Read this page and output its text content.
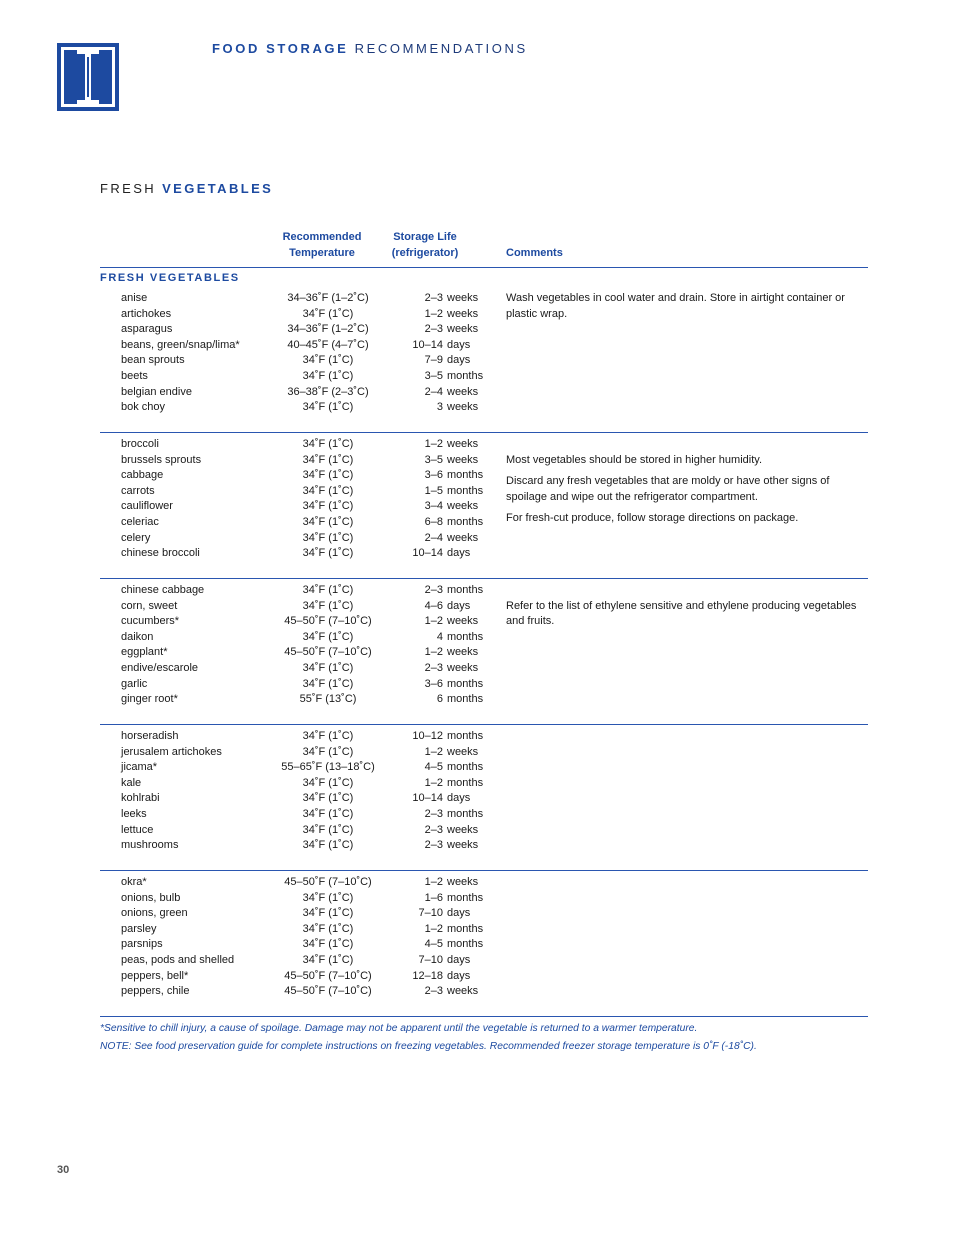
FOOD STORAGE RECOMMENDATIONS
FRESH VEGETABLES
Recommended
Temperature
Storage Life
(refrigerator)	Comments
FRESH VEGETABLES
anise	34–36˚F (1–2˚C)	2–3 weeks
artichokes	34˚F (1˚C)	1–2 weeks
asparagus	34–36˚F (1–2˚C)	2–3 weeks
beans, green/snap/lima*	40–45˚F (4–7˚C)	10–14 days
bean sprouts	34˚F (1˚C)	7–9 days
beets	34˚F (1˚C)	3–5 months
belgian endive	36–38˚F (2–3˚C)	2–4 weeks
bok choy	34˚F (1˚C)	3 weeks

Wash vegetables in cool water and drain. Store in airtight container or plastic wrap.

broccoli	34˚F (1˚C)	1–2 weeks
brussels sprouts	34˚F (1˚C)	3–5 weeks
cabbage	34˚F (1˚C)	3–6 months
carrots	34˚F (1˚C)	1–5 months
cauliflower	34˚F (1˚C)	3–4 weeks
celeriac	34˚F (1˚C)	6–8 months
celery	34˚F (1˚C)	2–4 weeks
chinese broccoli	34˚F (1˚C)	10–14 days

Most vegetables should be stored in higher humidity.

Discard any fresh vegetables that are moldy or have other signs of spoilage and wipe out the refrigerator compartment.

For fresh-cut produce, follow storage directions on package.

chinese cabbage	34˚F (1˚C)	2–3 months
corn, sweet	34˚F (1˚C)	4–6 days
cucumbers*	45–50˚F (7–10˚C)	1–2 weeks
daikon	34˚F (1˚C)	4 months
eggplant*	45–50˚F (7–10˚C)	1–2 weeks
endive/escarole	34˚F (1˚C)	2–3 weeks
garlic	34˚F (1˚C)	3–6 months
ginger root*	55˚F (13˚C)	6 months

Refer to the list of ethylene sensitive and ethylene producing vegetables and fruits.

horseradish	34˚F (1˚C)	10–12 months
jerusalem artichokes	34˚F (1˚C)	1–2 weeks
jicama*	55–65˚F (13–18˚C)	4–5 months
kale	34˚F (1˚C)	1–2 months
kohlrabi	34˚F (1˚C)	10–14 days
leeks	34˚F (1˚C)	2–3 months
lettuce	34˚F (1˚C)	2–3 weeks
mushrooms	34˚F (1˚C)	2–3 weeks
okra*	45–50˚F (7–10˚C)	1–2 weeks
onions, bulb	34˚F (1˚C)	1–6 months
onions, green	34˚F (1˚C)	7–10 days
parsley	34˚F (1˚C)	1–2 months
parsnips	34˚F (1˚C)	4–5 months
peas, pods and shelled	34˚F (1˚C)	7–10 days
peppers, bell*	45–50˚F (7–10˚C)	12–18 days
peppers, chile	45–50˚F (7–10˚C)	2–3 weeks
*Sensitive to chill injury, a cause of spoilage. Damage may not be apparent until the vegetable is returned to a warmer temperature.
NOTE: See food preservation guide for complete instructions on freezing vegetables. Recommended freezer storage temperature is 0˚F (-18˚C).
30
